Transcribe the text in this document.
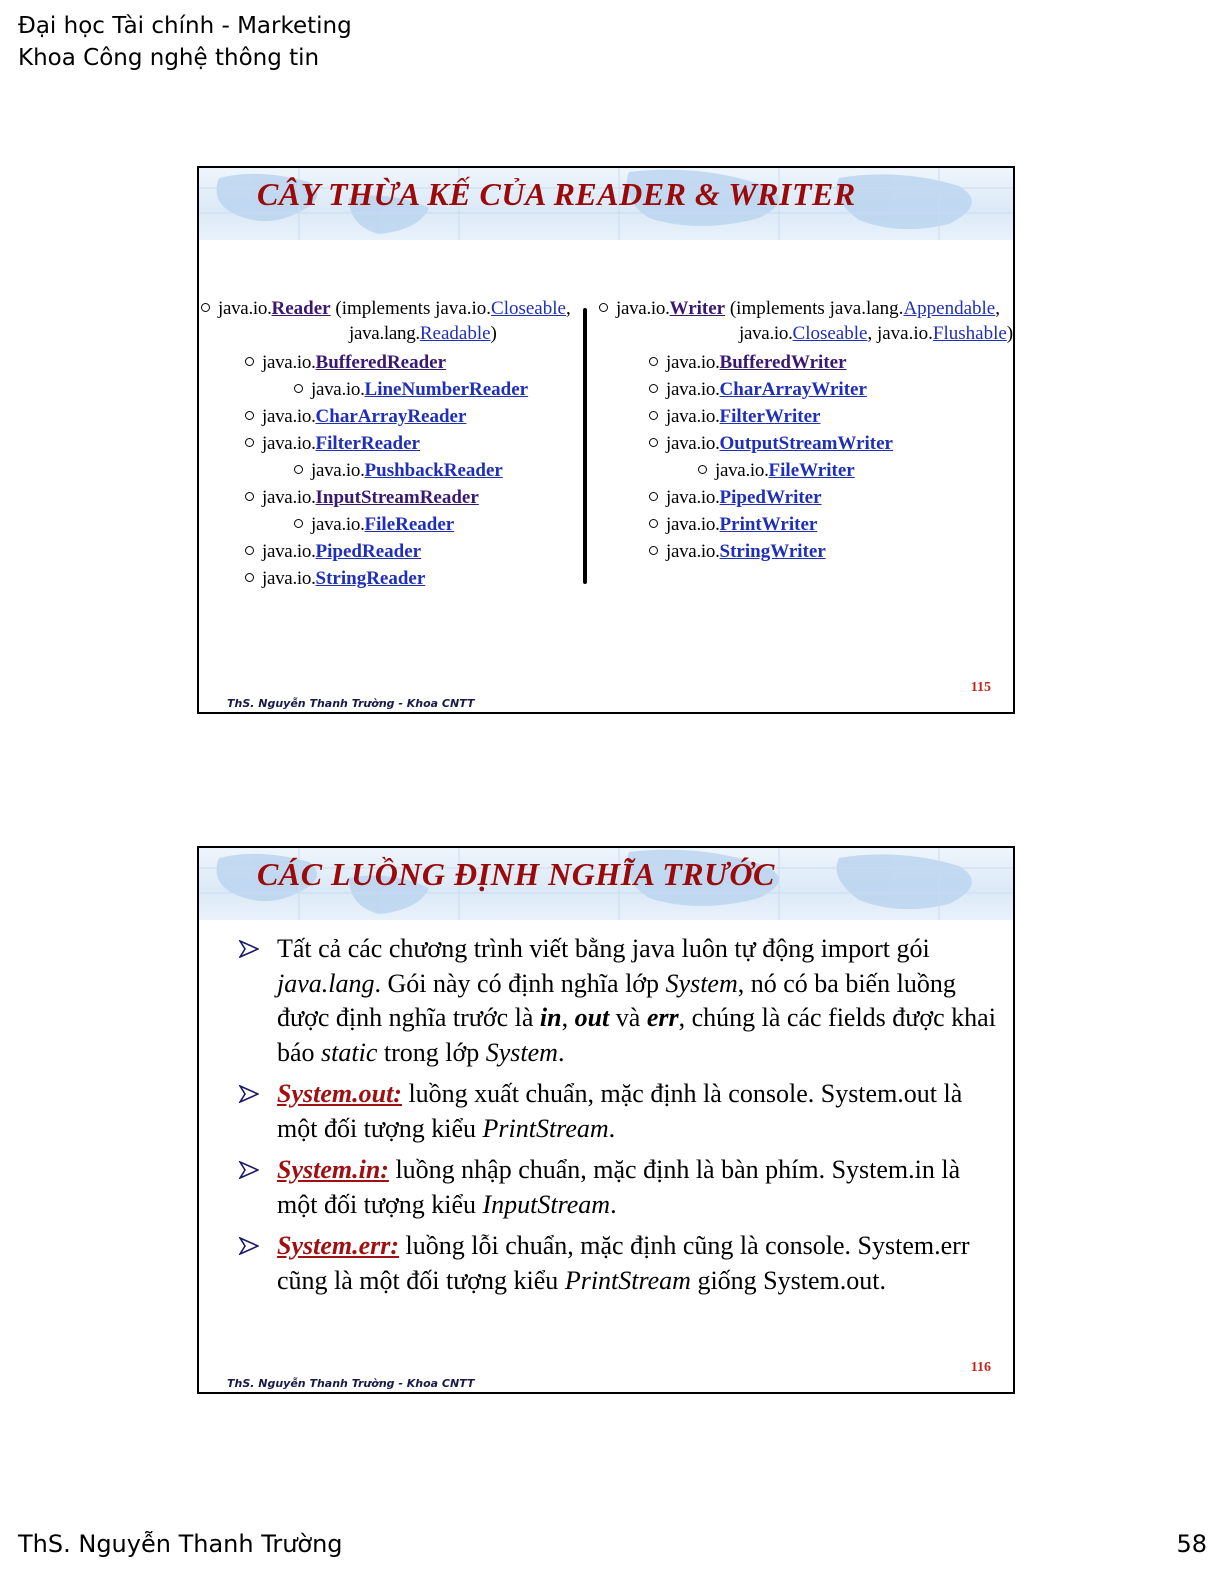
Đại học Tài chính - Marketing
Khoa Công nghệ thông tin
CÂY THỪA KẾ CỦA READER & WRITER
java.io.Reader (implements java.io.Closeable,
java.lang.Readable)
java.io.BufferedReader
java.io.LineNumberReader
java.io.CharArrayReader
java.io.FilterReader
java.io.PushbackReader
java.io.InputStreamReader
java.io.FileReader
java.io.PipedReader
java.io.StringReader
java.io.Writer (implements java.lang.Appendable,
java.io.Closeable, java.io.Flushable)
java.io.BufferedWriter
java.io.CharArrayWriter
java.io.FilterWriter
java.io.OutputStreamWriter
java.io.FileWriter
java.io.PipedWriter
java.io.PrintWriter
java.io.StringWriter
115
ThS. Nguyễn Thanh Trường - Khoa CNTT
CÁC LUỒNG ĐỊNH NGHĨA TRƯỚC
Tất cả các chương trình viết bằng java luôn tự động import gói java.lang. Gói này có định nghĩa lớp System, nó có ba biến luồng được định nghĩa trước là in, out và err, chúng là các fields được khai báo static trong lớp System.
System.out: luồng xuất chuẩn, mặc định là console. System.out là một đối tượng kiểu PrintStream.
System.in: luồng nhập chuẩn, mặc định là bàn phím. System.in là một đối tượng kiểu InputStream.
System.err: luồng lỗi chuẩn, mặc định cũng là console. System.err cũng là một đối tượng kiểu PrintStream giống System.out.
116
ThS. Nguyễn Thanh Trường - Khoa CNTT
ThS. Nguyễn Thanh Trường	58
